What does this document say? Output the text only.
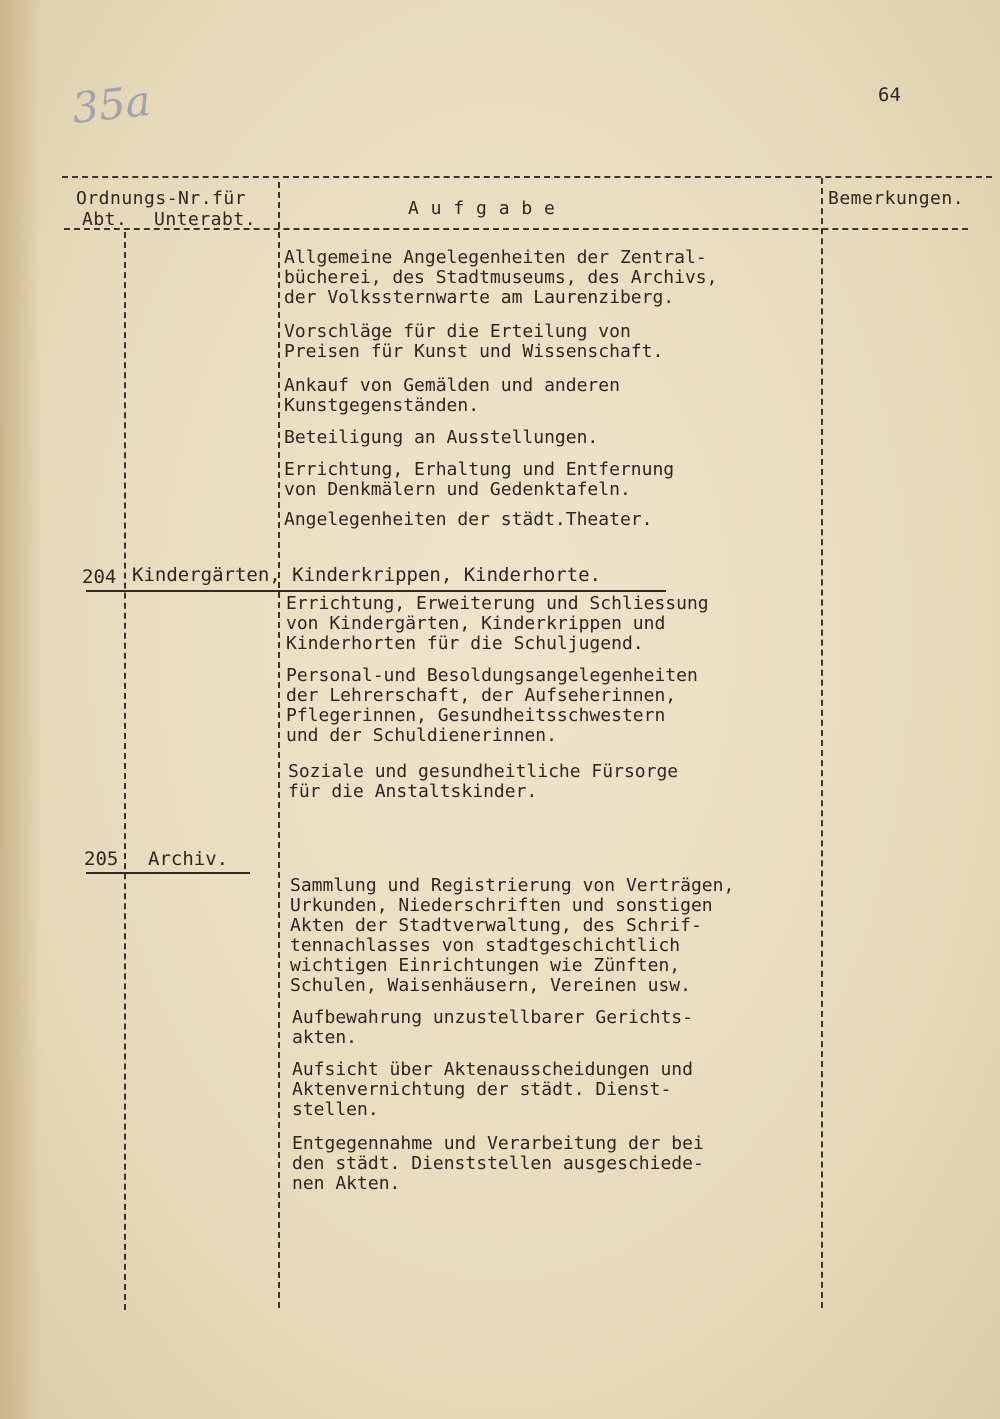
35a	64
Ordnungs-Nr.für
Abt. Unterabt.
A u f g a b e	Bemerkungen.
Allgemeine Angelegenheiten der Zentral-
bücherei, des Stadtmuseums, des Archivs,
der Volkssternwarte am Laurenziberg.
Vorschläge für die Erteilung von
Preisen für Kunst und Wissenschaft.
Ankauf von Gemälden und anderen
Kunstgegenständen.
Beteiligung an Ausstellungen.
Errichtung, Erhaltung und Entfernung
von Denkmälern und Gedenktafeln.
Angelegenheiten der städt.Theater.
204 Kindergärten, Kinderkrippen, Kinderhorte.
Errichtung, Erweiterung und Schliessung
von Kindergärten, Kinderkrippen und
Kinderhorten für die Schuljugend.
Personal-und Besoldungsangelegenheiten
der Lehrerschaft, der Aufseherinnen,
Pflegerinnen, Gesundheitsschwestern
und der Schuldienerinnen.
Soziale und gesundheitliche Fürsorge
für die Anstaltskinder.
205 Archiv.
Sammlung und Registrierung von Verträgen,
Urkunden, Niederschriften und sonstigen
Akten der Stadtverwaltung, des Schrif-
tennachlasses von stadtgeschichtlich
wichtigen Einrichtungen wie Zünften,
Schulen, Waisenhäusern, Vereinen usw.
Aufbewahrung unzustellbarer Gerichts-
akten.
Aufsicht über Aktenausscheidungen und
Aktenvernichtung der städt. Dienst-
stellen.
Entgegennahme und Verarbeitung der bei
den städt. Dienststellen ausgeschiede-
nen Akten.
